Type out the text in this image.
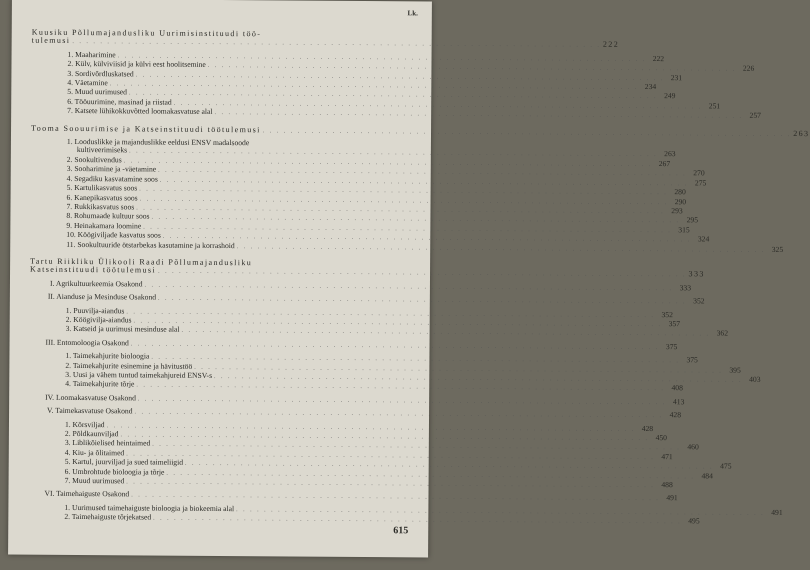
Lk.
Kuusiku Põllumajandusliku Uurimisinstituudi töö-
tulemusi . . .	222
1. Maaharimine . . .	222
2. Külv, külviviisid ja külvi eest hoolitsemine . . .	226
3. Sordivõrdluskatsed . . .	231
4. Väetamine . . .	234
5. Muud uurimused . . .	249
6. Tööuurimine, masinad ja riistad . . .	251
7. Katsete lühikokkuvõtted loomakasvatuse alal . . .	257
Tooma Soouurimise ja Katseinstituudi töötulemusi . . .	263
1. Looduslikke ja majanduslikke eeldusi ENSV madalsoode
kultiveerimiseks . . .	263
2. Sookultivendus . . .	267
3. Sooharimine ja -väetamine . . .	270
4. Segadiku kasvatamine soos . . .	275
5. Kartulikasvatus soos . . .	280
6. Kanepikasvatus soos . . .	290
7. Rukkikasvatus soos . . .	293
8. Rohumaade kultuur soos . . .	295
9. Heinakamara loomine . . .	315
10. Köögiviljade kasvatus soos . . .	324
11. Sookultuuride ötstarbekas kasutamine ja korrashoid . . .	325
Tartu Riikliku Ülikooli Raadi Põllumajandusliku
Katseinstituudi töötulemusi . . .	333
I. Agrikultuurkeemia Osakond . . .	333
II. Aianduse ja Mesinduse Osakond . . .	352
1. Puuvilja-aiandus . . .	352
2. Köögivilja-aiandus . . .	357
3. Katseid ja uurimusi mesinduse alal . . .	362
III. Entomoloogia Osakond . . .	375
1. Taimekahjurite bioloogia . . .	375
2. Taimekahjurite esinemine ja hävitustöö . . .	395
3. Uusi ja vähem tuntud taimekahjureid ENSV-s . . .	403
4. Taimekahjurite tõrje . . .	408
IV. Loomakasvatuse Osakond . . .	413
V. Taimekasvatuse Osakond . . .	428
1. Kõrsviljad . . .	428
2. Põldkaunviljad . . .	450
3. Liblikõielised heintaimed . . .	460
4. Kiu- ja õlitaimed . . .	471
5. Kartul, juurviljad ja sued taimeliigid . . .	475
6. Umbrohtude bioloogia ja tõrje . . .	484
7. Muud uurimused . . .	488
VI. Taimehaiguste Osakond . . .	491
1. Uurimused taimehaiguste bioloogia ja biokeemia alal . . .	491
2. Taimehaiguste tõrjekatsed . . .	495
615
